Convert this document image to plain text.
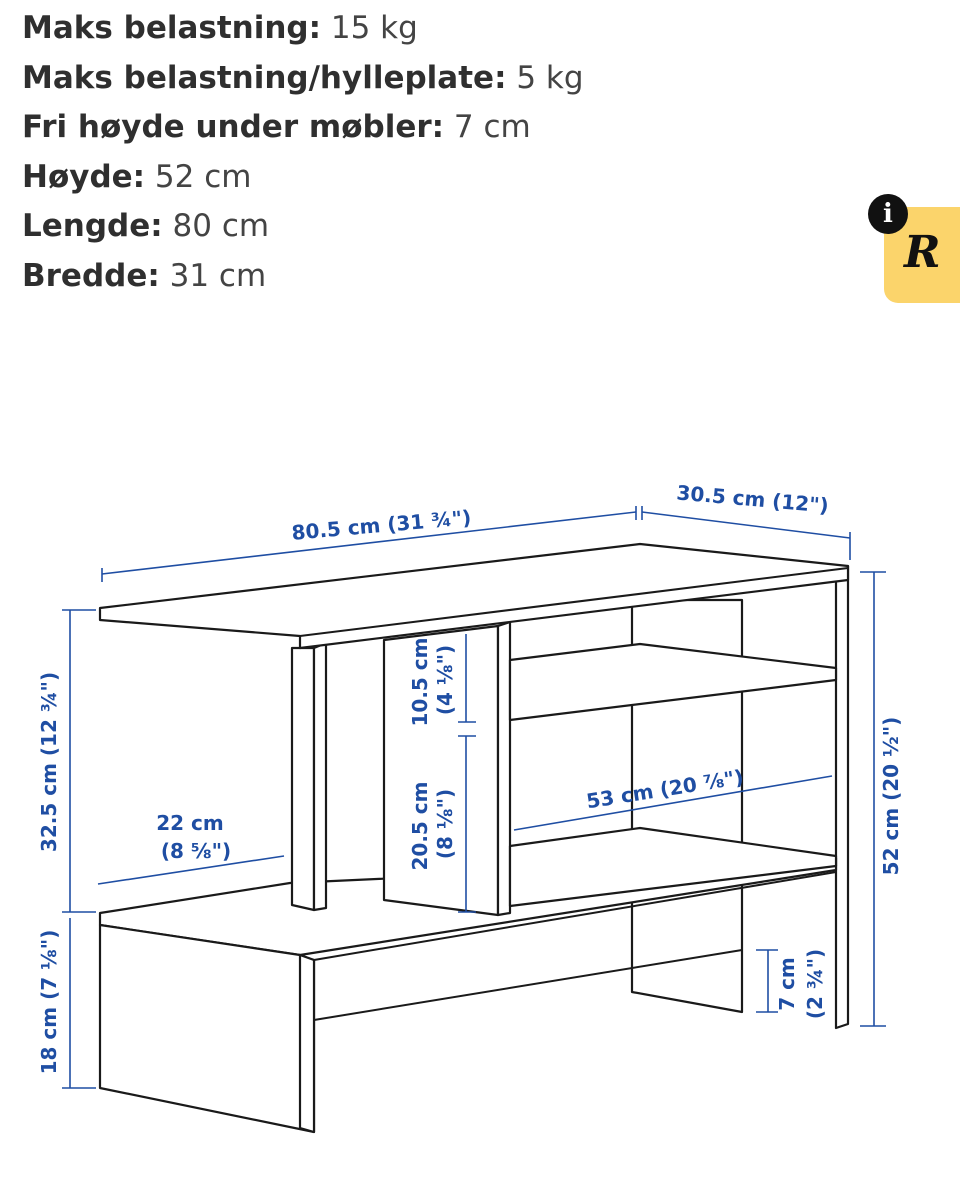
Maks belastning: 15 kg
Maks belastning/hylleplate: 5 kg
Fri høyde under møbler: 7 cm
Høyde: 52 cm
Lengde: 80 cm
Bredde: 31 cm	R
i
80.5 cm (31 ¾")
30.5 cm (12")
52 cm (20 ½")
32.5 cm (12 ¾")
18 cm (7 ⅛")
22 cm
(8 ⅝")
10.5 cm (4 ⅛")
20.5 cm (8 ⅛")	53 cm (20 ⅞")
7 cm (2 ¾")
